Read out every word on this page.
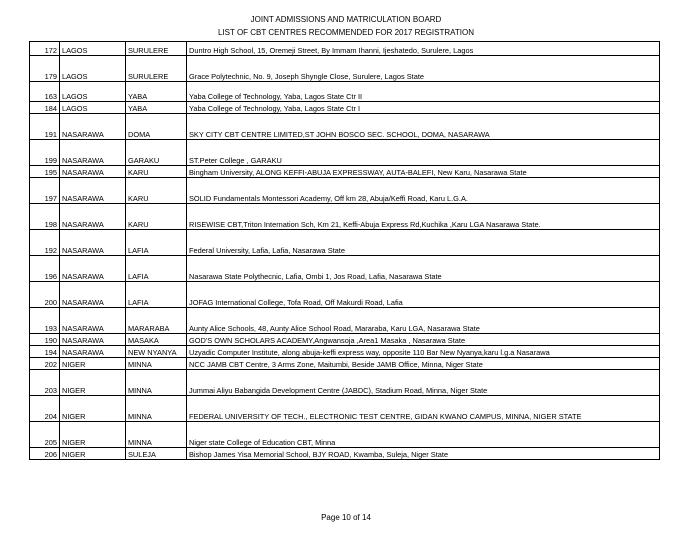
JOINT ADMISSIONS AND MATRICULATION BOARD
LIST OF CBT CENTRES RECOMMENDED FOR 2017 REGISTRATION
172	LAGOS	SURULERE	Duntro High School, 15, Oremeji Street, By Immam Ihanni, Ijeshatedo, Surulere, Lagos
179	LAGOS	SURULERE	Grace Polytechnic, No. 9, Joseph Shyngle Close, Surulere, Lagos State
163	LAGOS	YABA	Yaba College of Technology, Yaba, Lagos State Ctr II
184	LAGOS	YABA	Yaba College of Technology, Yaba, Lagos State Ctr I
191	NASARAWA	DOMA	SKY CITY CBT CENTRE LIMITED,ST JOHN BOSCO SEC. SCHOOL, DOMA, NASARAWA
199	NASARAWA	GARAKU	ST.Peter College , GARAKU
195	NASARAWA	KARU	Bingham University, ALONG KEFFI-ABUJA EXPRESSWAY, AUTA-BALEFI, New Karu, Nasarawa State
197	NASARAWA	KARU	SOLID Fundamentals Montessori Academy, Off km 28, Abuja/Keffi Road, Karu L.G.A.
198	NASARAWA	KARU	RISEWISE CBT,Triton Internation Sch, Km 21, Keffi-Abuja Express Rd,Kuchika ,Karu LGA Nasarawa State.
192	NASARAWA	LAFIA	Federal University, Lafia, Lafia, Nasarawa State
196	NASARAWA	LAFIA	Nasarawa State Polythecnic, Lafia, Ombi 1, Jos Road, Lafia, Nasarawa State
200	NASARAWA	LAFIA	JOFAG International College, Tofa Road, Off Makurdi Road, Lafia
193	NASARAWA	MARARABA	Aunty Alice Schools, 48, Aunty Alice School Road, Mararaba, Karu LGA, Nasarawa State
190	NASARAWA	MASAKA	GOD'S OWN SCHOLARS ACADEMY,Angwansoja ,Area1 Masaka , Nasarawa State
194	NASARAWA	NEW NYANYA	Uzyadic Computer Institute, along abuja-keffi express way, opposite 110 Bar New Nyanya,karu l.g.a Nasarawa
202	NIGER	MINNA	NCC JAMB CBT Centre, 3 Arms Zone, Maitumbi, Beside JAMB Office, Minna, Niger State
203	NIGER	MINNA	Jummai Aliyu Babangida Development Centre (JABDC), Stadium Road, Minna, Niger State
204	NIGER	MINNA	FEDERAL UNIVERSITY OF TECH., ELECTRONIC TEST CENTRE, GIDAN KWANO CAMPUS, MINNA, NIGER STATE
205	NIGER	MINNA	Niger state College of Education CBT, Minna
206	NIGER	SULEJA	Bishop James Yisa Memorial School, BJY ROAD, Kwamba, Suleja, Niger State
Page 10 of 14
